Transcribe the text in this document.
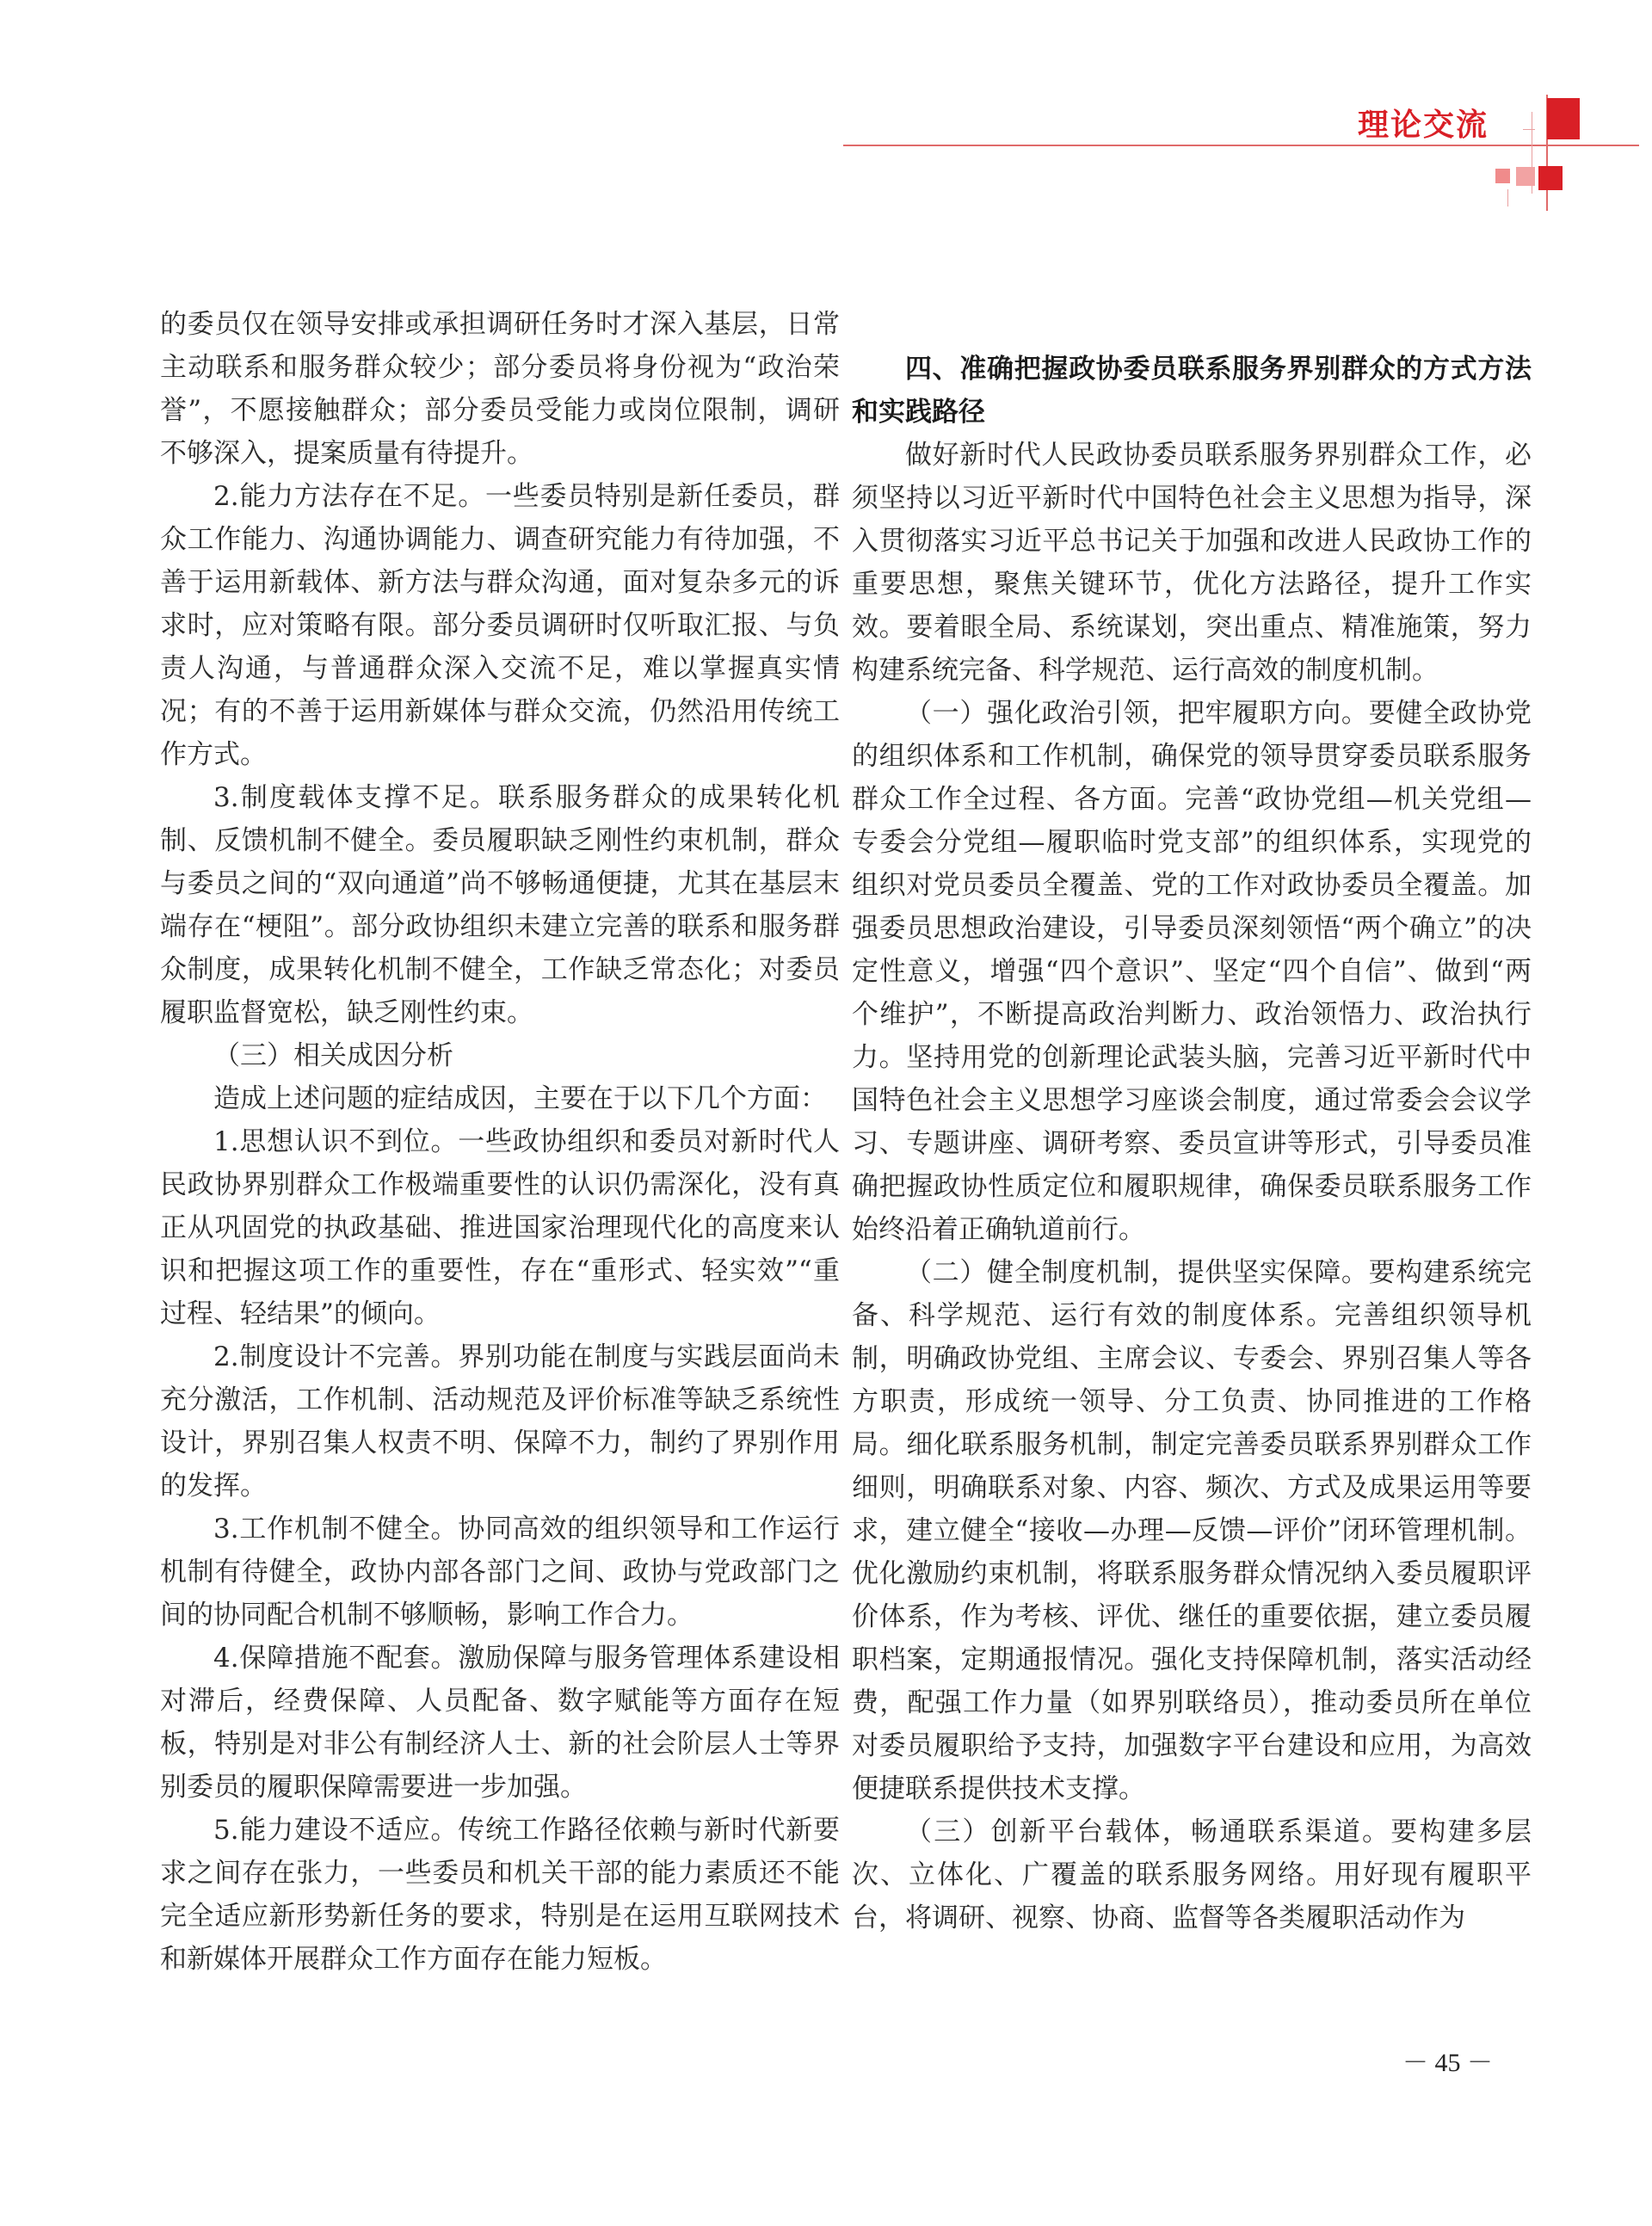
理论交流

的委员仅在领导安排或承担调研任务时才深入基层，日常主动联系和服务群众较少；部分委员将身份视为“政治荣誉”，不愿接触群众；部分委员受能力或岗位限制，调研不够深入，提案质量有待提升。

2.能力方法存在不足。一些委员特别是新任委员，群众工作能力、沟通协调能力、调查研究能力有待加强，不善于运用新载体、新方法与群众沟通，面对复杂多元的诉求时，应对策略有限。部分委员调研时仅听取汇报、与负责人沟通，与普通群众深入交流不足，难以掌握真实情况；有的不善于运用新媒体与群众交流，仍然沿用传统工作方式。

3.制度载体支撑不足。联系服务群众的成果转化机制、反馈机制不健全。委员履职缺乏刚性约束机制，群众与委员之间的“双向通道”尚不够畅通便捷，尤其在基层末端存在“梗阻”。部分政协组织未建立完善的联系和服务群众制度，成果转化机制不健全，工作缺乏常态化；对委员履职监督宽松，缺乏刚性约束。

（三）相关成因分析

造成上述问题的症结成因，主要在于以下几个方面：

1.思想认识不到位。一些政协组织和委员对新时代人民政协界别群众工作极端重要性的认识仍需深化，没有真正从巩固党的执政基础、推进国家治理现代化的高度来认识和把握这项工作的重要性，存在“重形式、轻实效”“重过程、轻结果”的倾向。

2.制度设计不完善。界别功能在制度与实践层面尚未充分激活，工作机制、活动规范及评价标准等缺乏系统性设计，界别召集人权责不明、保障不力，制约了界别作用的发挥。

3.工作机制不健全。协同高效的组织领导和工作运行机制有待健全，政协内部各部门之间、政协与党政部门之间的协同配合机制不够顺畅，影响工作合力。

4.保障措施不配套。激励保障与服务管理体系建设相对滞后，经费保障、人员配备、数字赋能等方面存在短板，特别是对非公有制经济人士、新的社会阶层人士等界别委员的履职保障需要进一步加强。

5.能力建设不适应。传统工作路径依赖与新时代新要求之间存在张力，一些委员和机关干部的能力素质还不能完全适应新形势新任务的要求，特别是在运用互联网技术和新媒体开展群众工作方面存在能力短板。

四、准确把握政协委员联系服务界别群众的方式方法和实践路径

做好新时代人民政协委员联系服务界别群众工作，必须坚持以习近平新时代中国特色社会主义思想为指导，深入贯彻落实习近平总书记关于加强和改进人民政协工作的重要思想，聚焦关键环节，优化方法路径，提升工作实效。要着眼全局、系统谋划，突出重点、精准施策，努力构建系统完备、科学规范、运行高效的制度机制。

（一）强化政治引领，把牢履职方向。要健全政协党的组织体系和工作机制，确保党的领导贯穿委员联系服务群众工作全过程、各方面。完善“政协党组—机关党组—专委会分党组—履职临时党支部”的组织体系，实现党的组织对党员委员全覆盖、党的工作对政协委员全覆盖。加强委员思想政治建设，引导委员深刻领悟“两个确立”的决定性意义，增强“四个意识”、坚定“四个自信”、做到“两个维护”，不断提高政治判断力、政治领悟力、政治执行力。坚持用党的创新理论武装头脑，完善习近平新时代中国特色社会主义思想学习座谈会制度，通过常委会会议学习、专题讲座、调研考察、委员宣讲等形式，引导委员准确把握政协性质定位和履职规律，确保委员联系服务工作始终沿着正确轨道前行。

（二）健全制度机制，提供坚实保障。要构建系统完备、科学规范、运行有效的制度体系。完善组织领导机制，明确政协党组、主席会议、专委会、界别召集人等各方职责，形成统一领导、分工负责、协同推进的工作格局。细化联系服务机制，制定完善委员联系界别群众工作细则，明确联系对象、内容、频次、方式及成果运用等要求，建立健全“接收—办理—反馈—评价”闭环管理机制。优化激励约束机制，将联系服务群众情况纳入委员履职评价体系，作为考核、评优、继任的重要依据，建立委员履职档案，定期通报情况。强化支持保障机制，落实活动经费，配强工作力量（如界别联络员），推动委员所在单位对委员履职给予支持，加强数字平台建设和应用，为高效便捷联系提供技术支撑。

（三）创新平台载体，畅通联系渠道。要构建多层次、立体化、广覆盖的联系服务网络。用好现有履职平台，将调研、视察、协商、监督等各类履职活动作为

－ 45 －
